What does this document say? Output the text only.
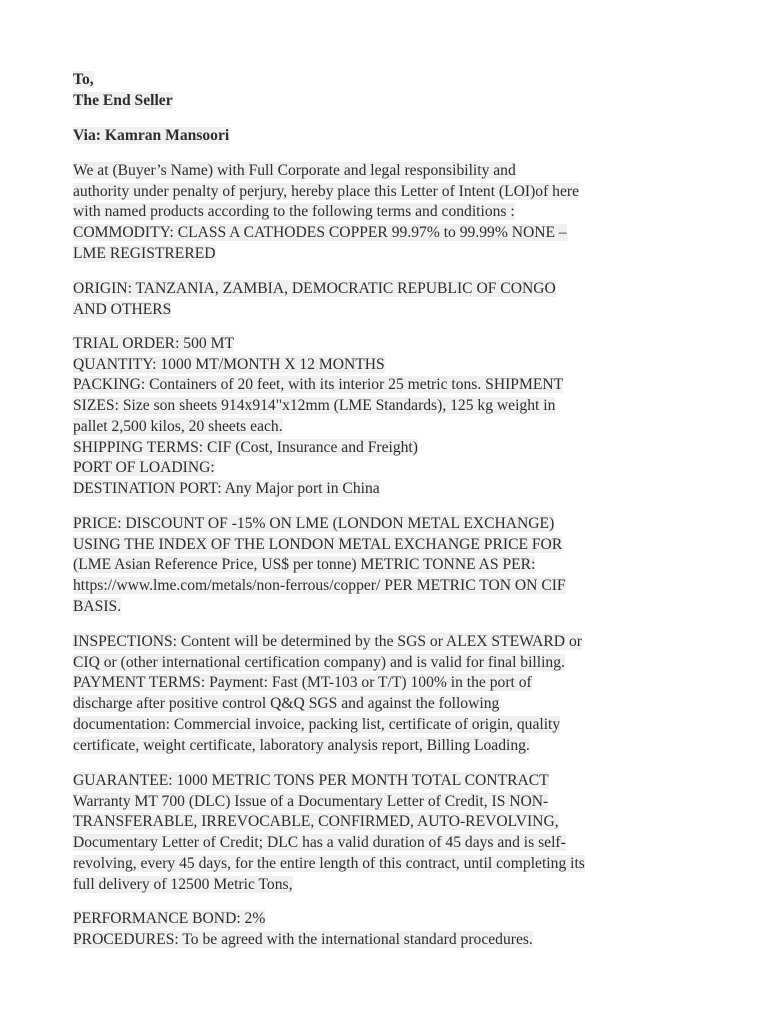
To,
The End Seller
Via: Kamran Mansoori
We at (Buyer’s Name) with Full Corporate and legal responsibility and
authority under penalty of perjury, hereby place this Letter of Intent (LOI)of here
with named products according to the following terms and conditions :
COMMODITY: CLASS A CATHODES COPPER 99.97% to 99.99% NONE –
LME REGISTRERED
ORIGIN: TANZANIA, ZAMBIA, DEMOCRATIC REPUBLIC OF CONGO
AND OTHERS
TRIAL ORDER: 500 MT
QUANTITY: 1000 MT/MONTH X 12 MONTHS
PACKING: Containers of 20 feet, with its interior 25 metric tons. SHIPMENT
SIZES: Size son sheets 914x914"x12mm (LME Standards), 125 kg weight in
pallet 2,500 kilos, 20 sheets each.
SHIPPING TERMS: CIF (Cost, Insurance and Freight)
PORT OF LOADING:
DESTINATION PORT: Any Major port in China
PRICE: DISCOUNT OF -15% ON LME (LONDON METAL EXCHANGE)
USING THE INDEX OF THE LONDON METAL EXCHANGE PRICE FOR
(LME Asian Reference Price, US$ per tonne) METRIC TONNE AS PER:
https://www.lme.com/metals/non-ferrous/copper/ PER METRIC TON ON CIF
BASIS.
INSPECTIONS: Content will be determined by the SGS or ALEX STEWARD or
CIQ or (other international certification company) and is valid for final billing.
PAYMENT TERMS: Payment: Fast (MT-103 or T/T) 100% in the port of
discharge after positive control Q&Q SGS and against the following
documentation: Commercial invoice, packing list, certificate of origin, quality
certificate, weight certificate, laboratory analysis report, Billing Loading.
GUARANTEE: 1000 METRIC TONS PER MONTH TOTAL CONTRACT
Warranty MT 700 (DLC) Issue of a Documentary Letter of Credit, IS NON-
TRANSFERABLE, IRREVOCABLE, CONFIRMED, AUTO-REVOLVING,
Documentary Letter of Credit; DLC has a valid duration of 45 days and is self-
revolving, every 45 days, for the entire length of this contract, until completing its
full delivery of 12500 Metric Tons,
PERFORMANCE BOND: 2%
PROCEDURES: To be agreed with the international standard procedures.
